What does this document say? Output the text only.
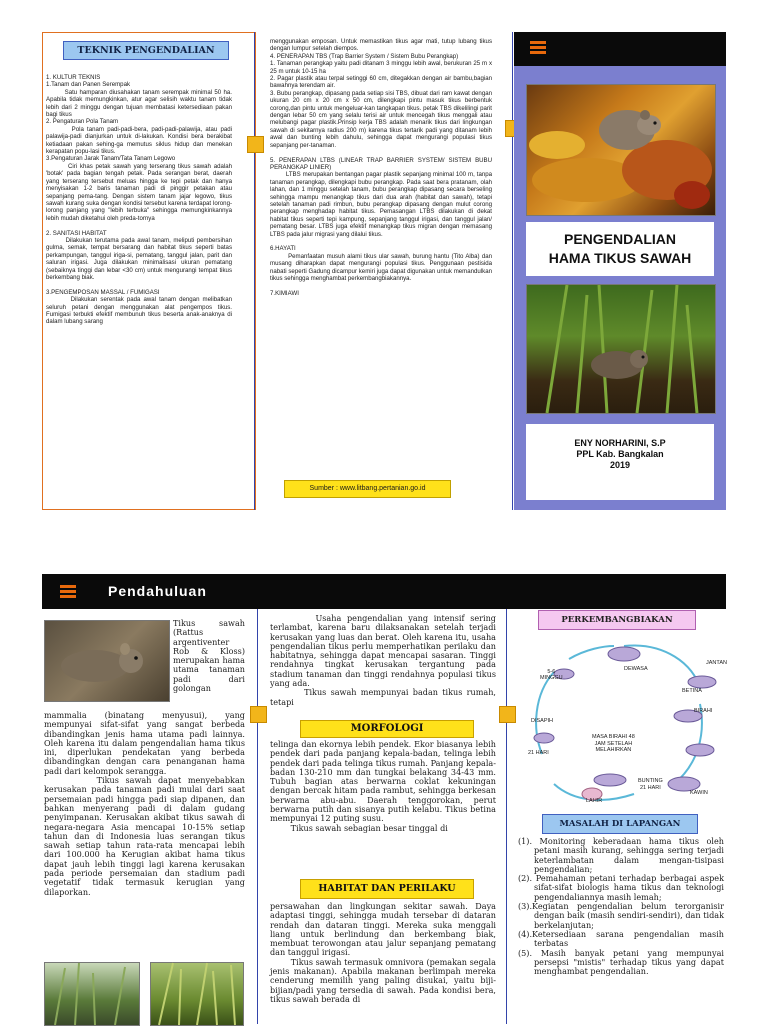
TEKNIK PENGENDALIAN

1. KULTUR TEKNIS
1.Tanam dan Panen Serempak
Satu hamparan diusahakan tanam serempak minimal 50 ha. Apabila tidak memungkinkan, atur agar selisih waktu tanam tidak lebih dari 2 minggu dengan tujuan membatasi ketersediaan pakan bagi tikus
2. Pengaturan Pola Tanam
Pola tanam padi-padi-bera, padi-padi-palawija, atau padi palawija-padi dianjurkan untuk di-lakukan. Kondisi bera berakibat ketiadaan pakan sehing-ga memutus siklus hidup dan menekan kerapatan popu-lasi tikus.
3.Pengaturan Jarak Tanam/Tata Tanam Legowo
Ciri khas petak sawah yang terserang tikus sawah adalah 'botak' pada bagian tengah petak. Pada serangan berat, daerah yang terserang tersebut meluas hingga ke tepi petak dan hanya menyisakan 1-2 baris tanaman padi di pinggir petakan atau sepanjang pema-tang. Dengan sistem tanam jajar legowo, tikus sawah kurang suka dengan kondisi tersebut karena terdapat lorong-lorong panjang yang "lebih terbuka" sehingga memungkinkannya lebih mudah diketahui oleh preda-tornya

2. SANITASI HABITAT
Dilakukan terutama pada awal tanam, meliputi pembersihan gulma, semak, tempat bersarang dan habitat tikus seperti batas perkampungan, tanggul iriga-si, pematang, tanggul jalan, parit dan saluran irigasi. Juga dilakukan minimalisasi ukuran pematang (sebaiknya tinggi dan lebar <30 cm) untuk mengurangi tempat tikus berkembang biak.

3.PENGEMPOSAN MASSAL / FUMIGASI
Dilakukan serentak pada awal tanam dengan melibatkan seluruh petani dengan menggunakan alat pengempos tikus. Fumigasi terbukti efektif membunuh tikus beserta anak-anaknya di dalam lubang sarang

menggunakan emposan. Untuk memastikan tikus agar mati, tutup lubang tikus dengan lumpur setelah diempos.
4. PENERAPAN TBS (Trap Barrier System / Sistem Bubu Perangkap)
1. Tanaman perangkap yaitu padi ditanam 3 minggu lebih awal, berukuran 25 m x 25 m untuk 10-15 ha
2. Pagar plastik atau terpal setinggi 60 cm, ditegakkan dengan air bambu,bagian bawahnya terendam air.
3. Bubu perangkap, dipasang pada setiap sisi TBS, dibuat dari ram kawat dengan ukuran 20 cm x 20 cm x 50 cm, dilengkapi pintu masuk tikus berbentuk corong,dan pintu untuk mengeluar-kan tangkapan tikus. petak TBS dikelilingi parit dengan lebar 50 cm yang selalu terisi air untuk mencegah tikus menggali atau melubangi pagar plastik.Prinsip kerja TBS adalah menarik tikus dari lingkungan sawah di sekitarnya radius 200 m) karena tikus tertarik padi yang ditanam lebih awal dan bunting lebih dahulu, sehingga dapat mengurangi populasi tikus sepanjang per-tanaman.

5. PENERAPAN LTBS (LINEAR TRAP BARRIER SYSTEM/ SISTEM BUBU PERANGKAP LINIER)
LTBS merupakan bentangan pagar plastik sepanjang minimal 100 m, tanpa tanaman perangkap, dilengkapi bubu perangkap. Pada saat bera pratanam, olah lahan, dan 1 minggu setelah tanam, bubu perangkap dipasang secara berseling sehingga mampu menangkap tikus dari dua arah (habitat dan sawah), tetapi setelah tanaman padi rimbun, bubu perangkap dipasang dengan mulut corong perangkap menghadap habitat tikus. Pemasangan LTBS dilakukan di dekat habitat tikus seperti tepi kampung, sepanjang tanggul irigasi, dan tanggul jalan/ pematang besar. LTBS juga efektif menangkap tikus migran dengan memasang LTBS pada jalur migrasi yang dilalui tikus.

6.HAYATI
Pemanfaatan musuh alami tikus ular sawah, burung hantu (Tito Alba) dan musang diharapkan dapat mengurangi populasi tikus. Penggunaan pestisida nabati seperti Gadung dicampur kemiri juga dapat digunakan untuk memandulkan tikus sehingga menghambat perkembangbiakannya.

7.KIMIAWI

Sumber : www.litbang.pertanian.go.id
PENGENDALIAN
HAMA TIKUS SAWAH
ENY NORHARINI, S.P
PPL Kab. Bangkalan
2019
Pendahuluan

Tikus sawah (Rattus argentiventer Rob & Kloss) merupakan hama utama tanaman padi dari golongan

mammalia (binatang menyusui), yang mempunyai sifat-sifat yang sangat berbeda dibandingkan jenis hama utama padi lainnya. Oleh karena itu dalam pengendalian hama tikus ini, diperlukan pendekatan yang berbeda dibandingkan dengan cara penanganan hama padi dari kelompok serangga.
Tikus sawah dapat menyebabkan kerusakan pada tanaman padi mulai dari saat persemaian padi hingga padi siap dipanen, dan bahkan menyerang padi di dalam gudang penyimpanan. Kerusakan akibat tikus sawah di negara-negara Asia mencapai 10-15% setiap tahun dan di Indonesia luas serangan tikus sawah setiap tahun rata-rata mencapai lebih dari 100.000 ha Kerugian akibat hama tikus dapat jauh lebih tinggi lagi karena kerusakan pada periode persemaian dan stadium padi vegetatif tidak termasuk kerugian yang dilaporkan.

Usaha pengendalian yang intensif sering terlambat, karena baru dilaksanakan setelah terjadi kerusakan yang luas dan berat. Oleh karena itu, usaha pengendalian tikus perlu memperhatikan perilaku dan habitatnya, sehingga dapat mencapai sasaran. Tinggi rendahnya tingkat kerusakan tergantung pada stadium tanaman dan tinggi rendahnya populasi tikus yang ada.
Tikus sawah mempunyai badan tikus rumah, tetapi

MORFOLOGI

telinga dan ekornya lebih pendek. Ekor biasanya lebih pendek dari pada panjang kepala-badan, telinga lebih pendek dari pada telinga tikus rumah. Panjang kepala-badan 130-210 mm dan tungkai belakang 34-43 mm. Tubuh bagian atas berwarna coklat kekuningan dengan bercak hitam pada rambut, sehingga berkesan berwarna abu-abu. Daerah tenggorokan, perut berwarna putih dan sisanya putih kelabu. Tikus betina mempunyai 12 puting susu.
Tikus sawah sebagian besar tinggal di

HABITAT DAN PERILAKU

persawahan dan lingkungan sekitar sawah. Daya adaptasi tinggi, sehingga mudah tersebar di dataran rendah dan dataran tinggi. Mereka suka menggali liang untuk berlindung dan berkembang biak, membuat terowongan atau jalur sepanjang pematang dan tanggul irigasi.
Tikus sawah termasuk omnivora (pemakan segala jenis makanan). Apabila makanan berlimpah mereka cenderung memilih yang paling disukai, yaitu biji-bijian/padi yang tersedia di sawah. Pada kondisi bera, tikus sawah berada di

PERKEMBANGBIAKAN
DEWASA
JANTAN
5-6
MINGGU
BETINA
BIRAHI
DISAPIH
21 HARI
MASA BIRAHI 48
JAM SETELAH
MELAHIRKAN
LAHIR
BUNTING
21 HARI
KAWIN
MASALAH DI LAPANGAN
(1). Monitoring keberadaan hama tikus oleh petani masih kurang, sehingga sering terjadi keterlambatan dalam mengan-tisipasi pengendalian;
(2). Pemahaman petani terhadap berbagai aspek sifat-sifat biologis hama tikus dan teknologi pengendaliannya masih lemah;
(3).Kegiatan pengendalian belum terorganisir dengan baik (masih sendiri-sendiri), dan tidak berkelanjutan;
(4).Ketersediaan sarana pengendalian masih terbatas
(5). Masih banyak petani yang mempunyai persepsi "mistis" terhadap tikus yang dapat menghambat pengendalian.
